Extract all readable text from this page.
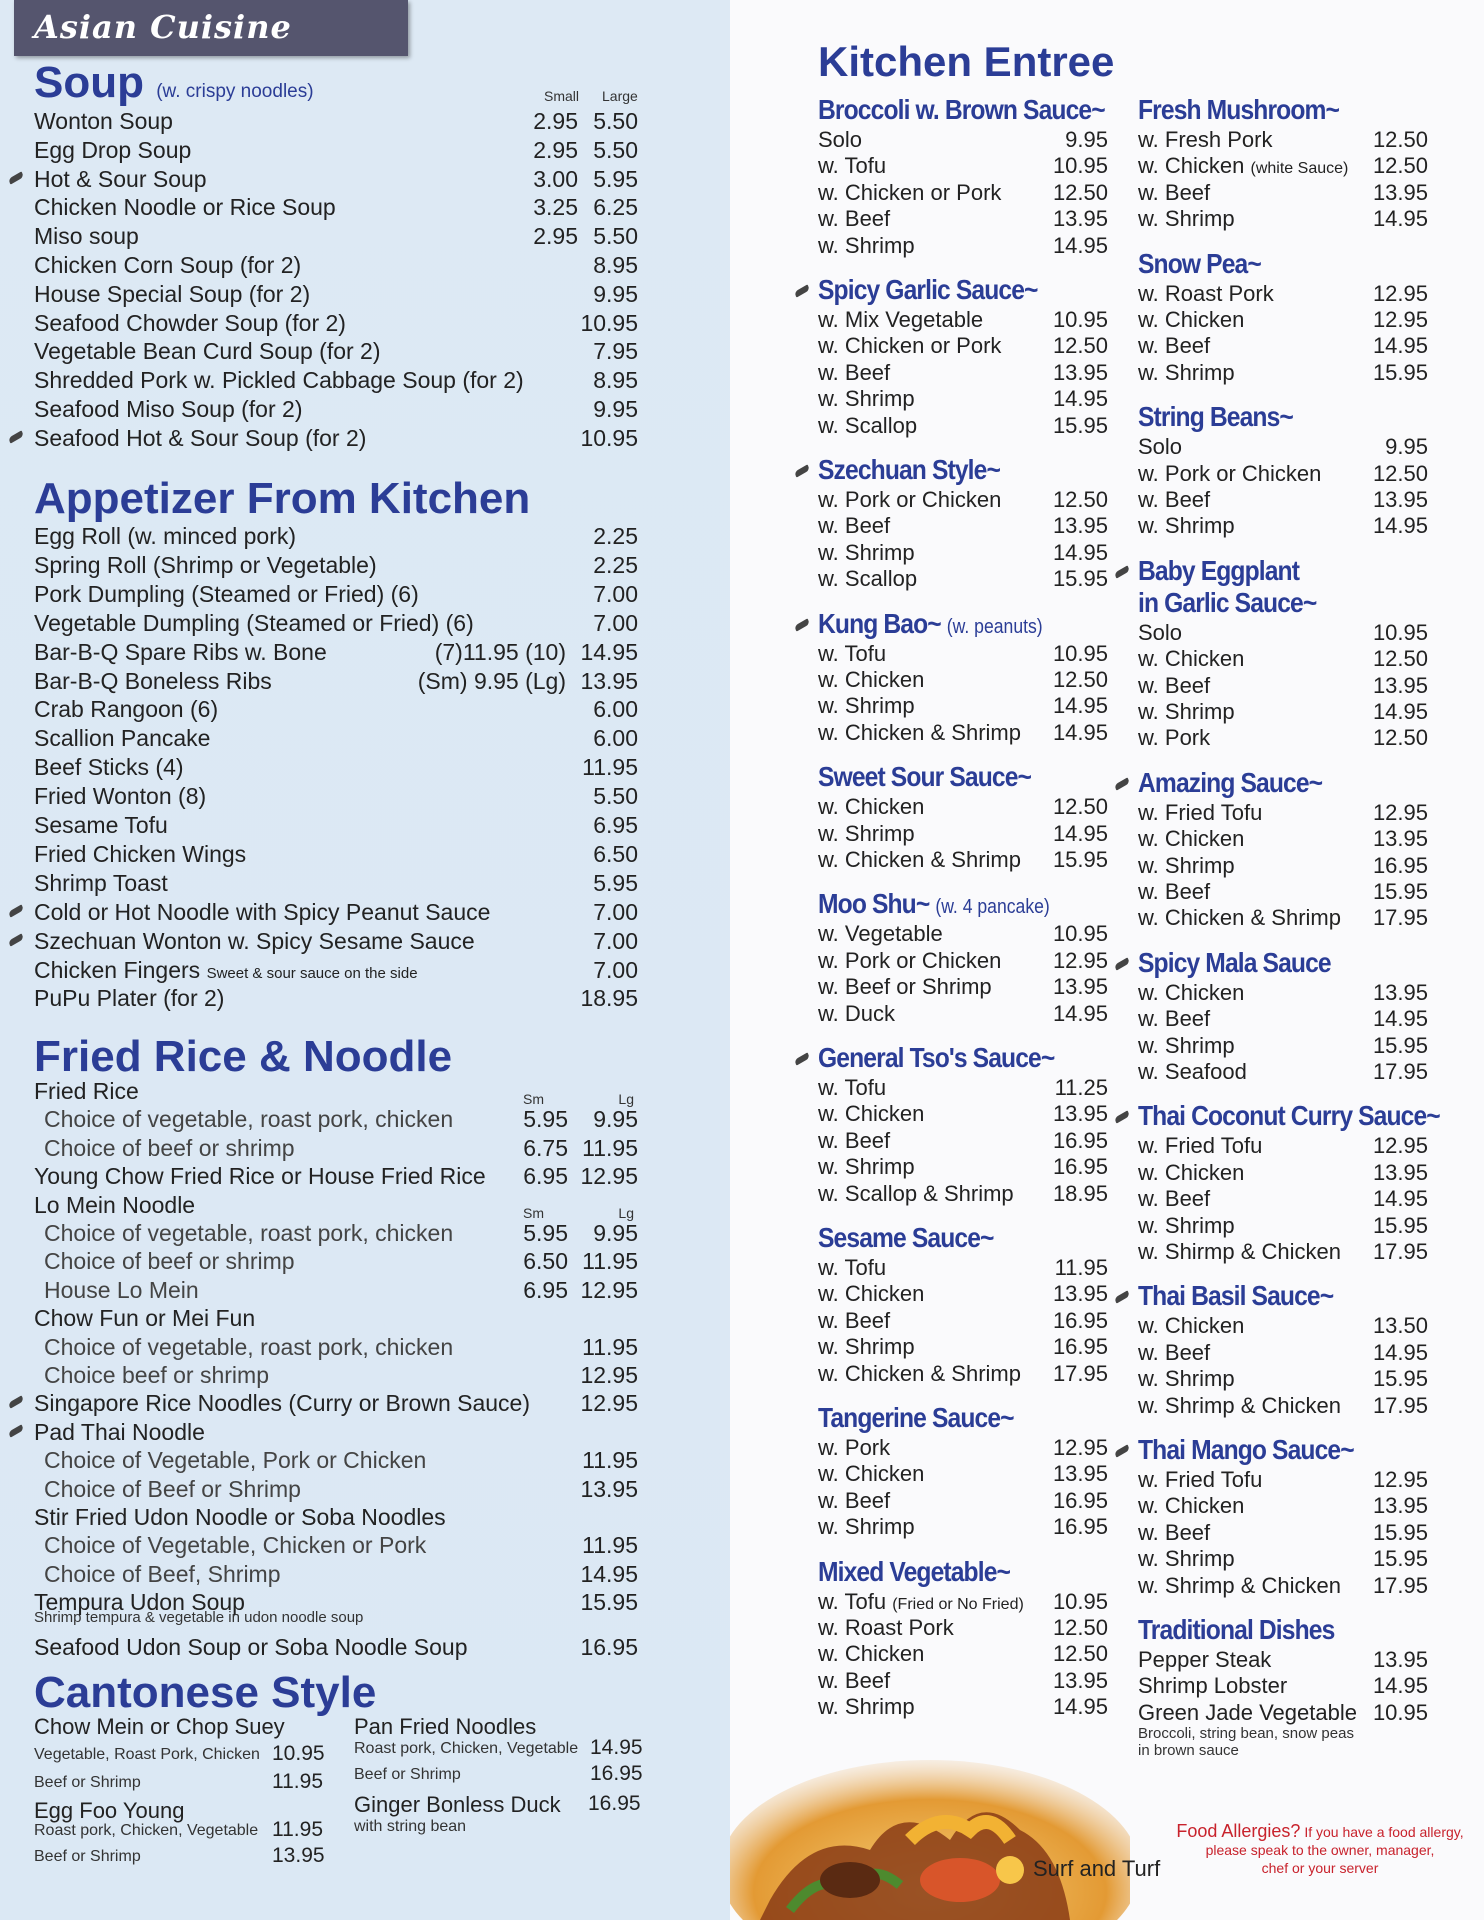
Asian Cuisine
Soup (w. crispy noodles)	Small Large
Wonton Soup	2.95 5.50
Egg Drop Soup	2.95 5.50
Hot & Sour Soup	3.00 5.95
Chicken Noodle or Rice Soup	3.25 6.25
Miso soup	2.95 5.50
Chicken Corn Soup (for 2)	8.95
House Special Soup (for 2)	9.95
Seafood Chowder Soup (for 2)	10.95
Vegetable Bean Curd Soup (for 2)	7.95
Shredded Pork w. Pickled Cabbage Soup (for 2)	8.95
Seafood Miso Soup (for 2)	9.95
Seafood Hot & Sour Soup (for 2)	10.95
Appetizer From Kitchen
Egg Roll (w. minced pork)	2.25
Spring Roll (Shrimp or Vegetable)	2.25
Pork Dumpling (Steamed or Fried) (6)	7.00
Vegetable Dumpling (Steamed or Fried) (6)	7.00
Bar-B-Q Spare Ribs w. Bone	(7)11.95 (10) 14.95
Bar-B-Q Boneless Ribs	(Sm) 9.95 (Lg) 13.95
Crab Rangoon (6)	6.00
Scallion Pancake	6.00
Beef Sticks (4)	11.95
Fried Wonton (8)	5.50
Sesame Tofu	6.95
Fried Chicken Wings	6.50
Shrimp Toast	5.95
Cold or Hot Noodle with Spicy Peanut Sauce	7.00
Szechuan Wonton w. Spicy Sesame Sauce	7.00
Chicken Fingers Sweet & sour sauce on the side	7.00
PuPu Plater (for 2)	18.95
Fried Rice & Noodle
Fried Rice	Sm	Lg
Choice of vegetable, roast pork, chicken	5.95 9.95
Choice of beef or shrimp	6.75 11.95
Young Chow Fried Rice or House Fried Rice 6.95 12.95
Lo Mein Noodle	Sm	Lg
Choice of vegetable, roast pork, chicken	5.95 9.95
Choice of beef or shrimp	6.50 11.95
House Lo Mein	6.95 12.95
Chow Fun or Mei Fun
Choice of vegetable, roast pork, chicken	11.95
Choice beef or shrimp	12.95
Singapore Rice Noodles (Curry or Brown Sauce) 12.95
Pad Thai Noodle
Choice of Vegetable, Pork or Chicken	11.95
Choice of Beef or Shrimp	13.95
Stir Fried Udon Noodle or Soba Noodles
Choice of Vegetable, Chicken or Pork	11.95
Choice of Beef, Shrimp	14.95
Tempura Udon Soup	15.95
Shrimp tempura & vegetable in udon noodle soup
Seafood Udon Soup or Soba Noodle Soup	16.95
Cantonese Style
Chow Mein or Chop Suey
Vegetable, Roast Pork, Chicken 10.95
Beef or Shrimp	11.95
Egg Foo Young
Roast pork, Chicken, Vegetable 11.95
Beef or Shrimp	13.95
Pan Fried Noodles
Roast pork, Chicken, Vegetable 14.95
Beef or Shrimp	16.95
Ginger Bonless Duck 16.95
with string bean
Kitchen Entree
Broccoli w. Brown Sauce~
Solo	9.95
w. Tofu	10.95
w. Chicken or Pork 12.50
w. Beef	13.95
w. Shrimp	14.95
Spicy Garlic Sauce~
w. Mix Vegetable	10.95
w. Chicken or Pork 12.50
w. Beef	13.95
w. Shrimp	14.95
w. Scallop	15.95
Szechuan Style~
w. Pork or Chicken 12.50
w. Beef	13.95
w. Shrimp	14.95
w. Scallop	15.95
Kung Bao~ (w. peanuts)
w. Tofu	10.95
w. Chicken	12.50
w. Shrimp	14.95
w. Chicken & Shrimp 14.95
Sweet Sour Sauce~
w. Chicken	12.50
w. Shrimp	14.95
w. Chicken & Shrimp 15.95
Moo Shu~ (w. 4 pancake)
w. Vegetable	10.95
w. Pork or Chicken 12.95
w. Beef or Shrimp	13.95
w. Duck	14.95
General Tso's Sauce~
w. Tofu	11.25
w. Chicken	13.95
w. Beef	16.95
w. Shrimp	16.95
w. Scallop & Shrimp 18.95
Sesame Sauce~
w. Tofu	11.95
w. Chicken	13.95
w. Beef	16.95
w. Shrimp	16.95
w. Chicken & Shrimp 17.95
Tangerine Sauce~
w. Pork	12.95
w. Chicken	13.95
w. Beef	16.95
w. Shrimp	16.95
Mixed Vegetable~
w. Tofu (Fried or No Fried) 10.95
w. Roast Pork	12.50
w. Chicken	12.50
w. Beef	13.95
w. Shrimp	14.95
Fresh Mushroom~
w. Fresh Pork	12.50
w. Chicken (white Sauce) 12.50
w. Beef	13.95
w. Shrimp	14.95
Snow Pea~
w. Roast Pork	12.95
w. Chicken	12.95
w. Beef	14.95
w. Shrimp	15.95
String Beans~
Solo	9.95
w. Pork or Chicken 12.50
w. Beef	13.95
w. Shrimp	14.95
Baby Eggplant
in Garlic Sauce~
Solo	10.95
w. Chicken	12.50
w. Beef	13.95
w. Shrimp	14.95
w. Pork	12.50
Amazing Sauce~
w. Fried Tofu	12.95
w. Chicken	13.95
w. Shrimp	16.95
w. Beef	15.95
w. Chicken & Shrimp 17.95
Spicy Mala Sauce
w. Chicken	13.95
w. Beef	14.95
w. Shrimp	15.95
w. Seafood	17.95
Thai Coconut Curry Sauce~
w. Fried Tofu	12.95
w. Chicken	13.95
w. Beef	14.95
w. Shrimp	15.95
w. Shirmp & Chicken 17.95
Thai Basil Sauce~
w. Chicken	13.50
w. Beef	14.95
w. Shrimp	15.95
w. Shrimp & Chicken 17.95
Thai Mango Sauce~
w. Fried Tofu	12.95
w. Chicken	13.95
w. Beef	15.95
w. Shrimp	15.95
w. Shrimp & Chicken 17.95
Traditional Dishes
Pepper Steak	13.95
Shrimp Lobster	14.95
Green Jade Vegetable 10.95
Broccoli, string bean, snow peas in brown sauce
Surf and Turf
Food Allergies? If you have a food allergy,
please speak to the owner, manager,
chef or your server
